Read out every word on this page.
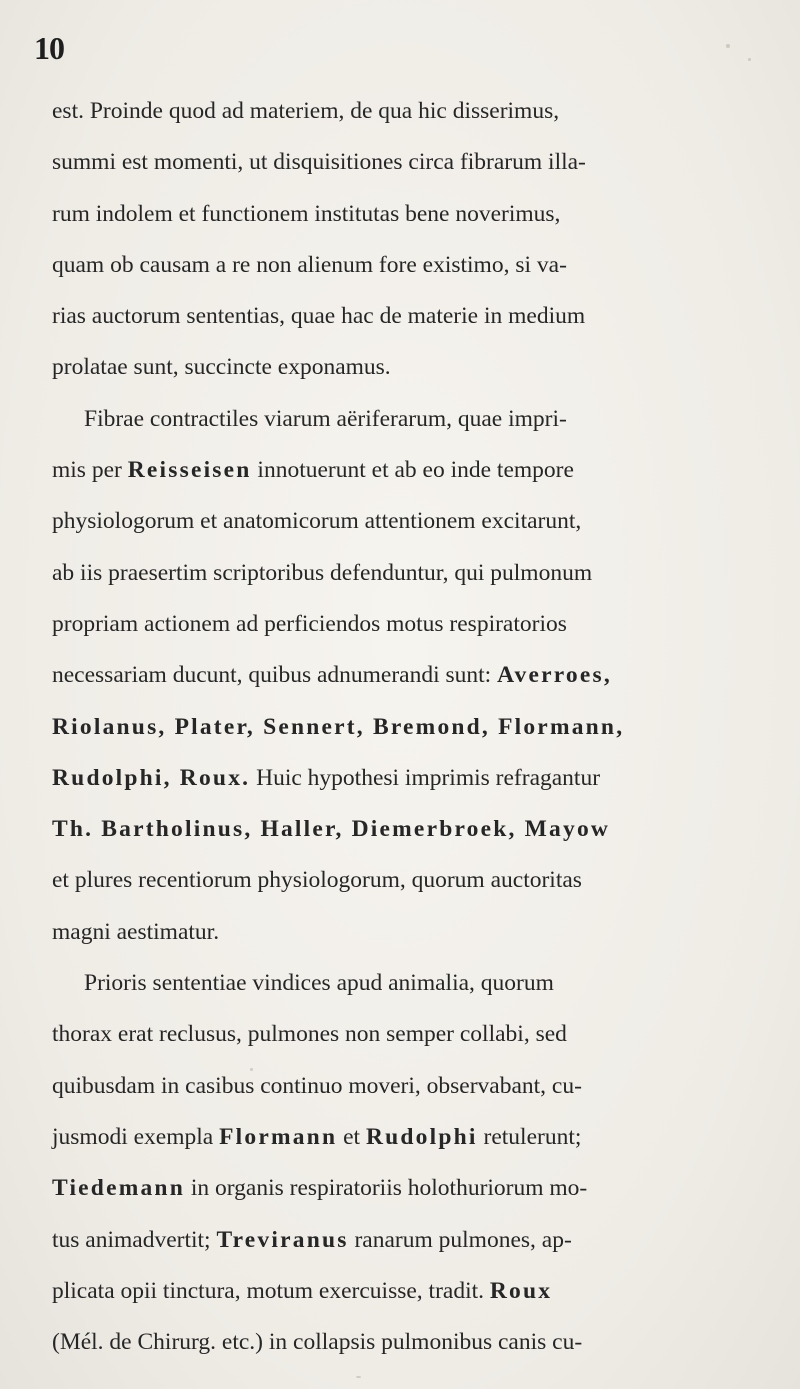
10
est. Proinde quod ad materiem, de qua hic disserimus,
summi est momenti, ut disquisitiones circa fibrarum illa-
rum indolem et functionem institutas bene noverimus,
quam ob causam a re non alienum fore existimo, si va-
rias auctorum sententias, quae hac de materie in medium
prolatae sunt, succincte exponamus.
Fibrae contractiles viarum aëriferarum, quae impri-
mis per Reisseisen innotuerunt et ab eo inde tempore
physiologorum et anatomicorum attentionem excitarunt,
ab iis praesertim scriptoribus defenduntur, qui pulmonum
propriam actionem ad perficiendos motus respiratorios
necessariam ducunt, quibus adnumerandi sunt: Averroes,
Riolanus, Plater, Sennert, Bremond, Flormann,
Rudolphi, Roux. Huic hypothesi imprimis refragantur
Th. Bartholinus, Haller, Diemerbroek, Mayow
et plures recentiorum physiologorum, quorum auctoritas
magni aestimatur.
Prioris sententiae vindices apud animalia, quorum
thorax erat reclusus, pulmones non semper collabi, sed
quibusdam in casibus continuo moveri, observabant, cu-
jusmodi exempla Flormann et Rudolphi retulerunt;
Tiedemann in organis respiratoriis holothuriorum mo-
tus animadvertit; Treviranus ranarum pulmones, ap-
plicata opii tinctura, motum exercuisse, tradit. Roux
(Mél. de Chirurg. etc.) in collapsis pulmonibus canis cu-
